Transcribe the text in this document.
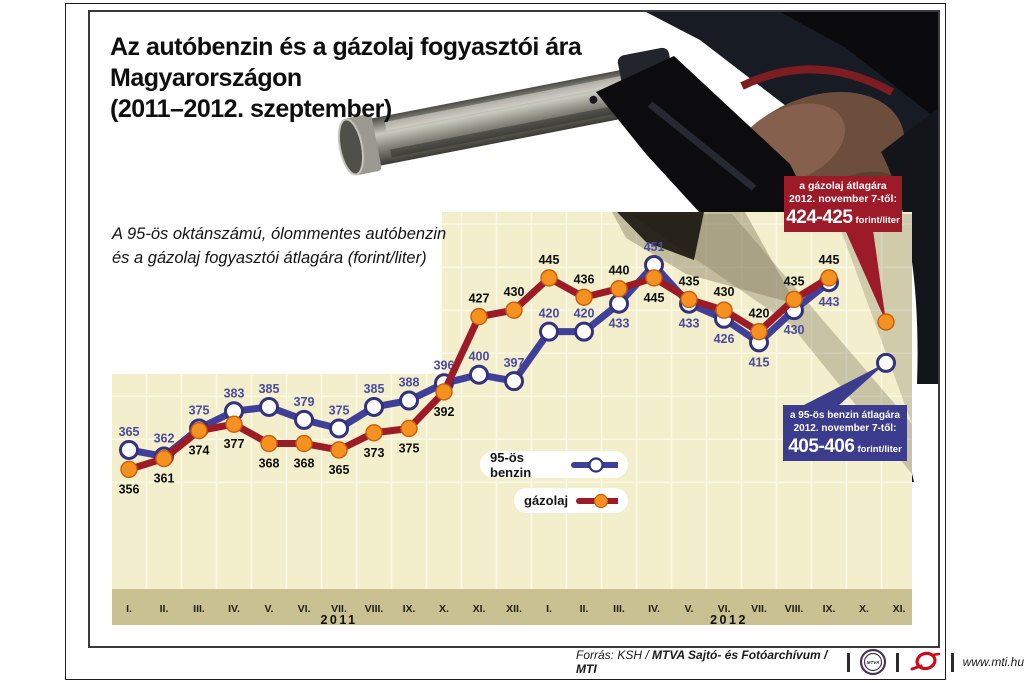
365 362
375
383 385
379
375
385 388
396
400 397
420 420
433
451
433
426
415
430
443
356
361
374 377
368 368 365
373 375
392
427 430
445
436
440
445
435
430
420
435
445
I.	II. III. IV. V. VI. VII. VIII. IX. X. XI. XII. I.	II. III. IV. V. VI. VII. VIII. IX. X. XI.
2011	2012
Az autóbenzin és a gázolaj fogyasztói ára
Magyarországon
(2011–2012. szeptember)
A 95-ös oktánszámú, ólommentes autóbenzin
és a gázolaj fogyasztói átlagára (forint/liter)
a gázolaj átlagára
2012. november 7-től:
424-425 forint/liter
a 95-ös benzin átlagára
2012. november 7-től:
405-406 forint/liter
95-ös benzin
gázolaj
Forrás: KSH / MTVA Sajtó- és Fotóarchívum / MTI	MTVA	www.mti.hu
